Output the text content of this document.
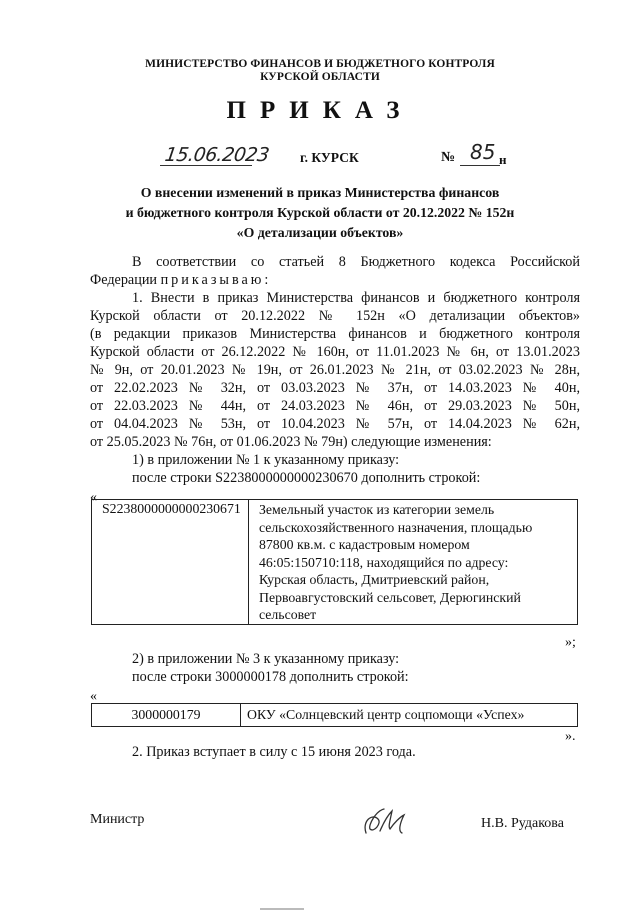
МИНИСТЕРСТВО ФИНАНСОВ И БЮДЖЕТНОГО КОНТРОЛЯ
КУРСКОЙ ОБЛАСТИ
ПРИКАЗ
15.06.2023 г. КУРСК	№ 85 н
О внесении изменений в приказ Министерства финансов
и бюджетного контроля Курской области от 20.12.2022 № 152н
«О детализации объектов»
В соответствии со статьей 8 Бюджетного кодекса Российской
Федерации приказываю:
1. Внести в приказ Министерства финансов и бюджетного контроля
Курской области от 20.12.2022 № 152н «О детализации объектов»
(в редакции приказов Министерства финансов и бюджетного контроля
Курской области от 26.12.2022 № 160н, от 11.01.2023 № 6н, от 13.01.2023
№ 9н, от 20.01.2023 № 19н, от 26.01.2023 № 21н, от 03.02.2023 № 28н,
от 22.02.2023 № 32н, от 03.03.2023 № 37н, от 14.03.2023 № 40н,
от 22.03.2023 № 44н, от 24.03.2023 № 46н, от 29.03.2023 № 50н,
от 04.04.2023 № 53н, от 10.04.2023 № 57н, от 14.04.2023 № 62н,
от 25.05.2023 № 76н, от 01.06.2023 № 79н) следующие изменения:
1) в приложении № 1 к указанному приказу:
после строки S2238000000000230670 дополнить строкой:
«
S2238000000000230671	Земельный участок из категории земель
сельскохозяйственного назначения, площадью
87800 кв.м. с кадастровым номером
46:05:150710:118, находящийся по адресу:
Курская область, Дмитриевский район,
Первоавгустовский сельсовет, Дерюгинский
сельсовет
»;
2) в приложении № 3 к указанному приказу:
после строки 3000000178 дополнить строкой:
«
3000000179	ОКУ «Солнцевский центр соцпомощи «Успех»
».
2. Приказ вступает в силу с 15 июня 2023 года.
Министр	Н.В. Рудакова
